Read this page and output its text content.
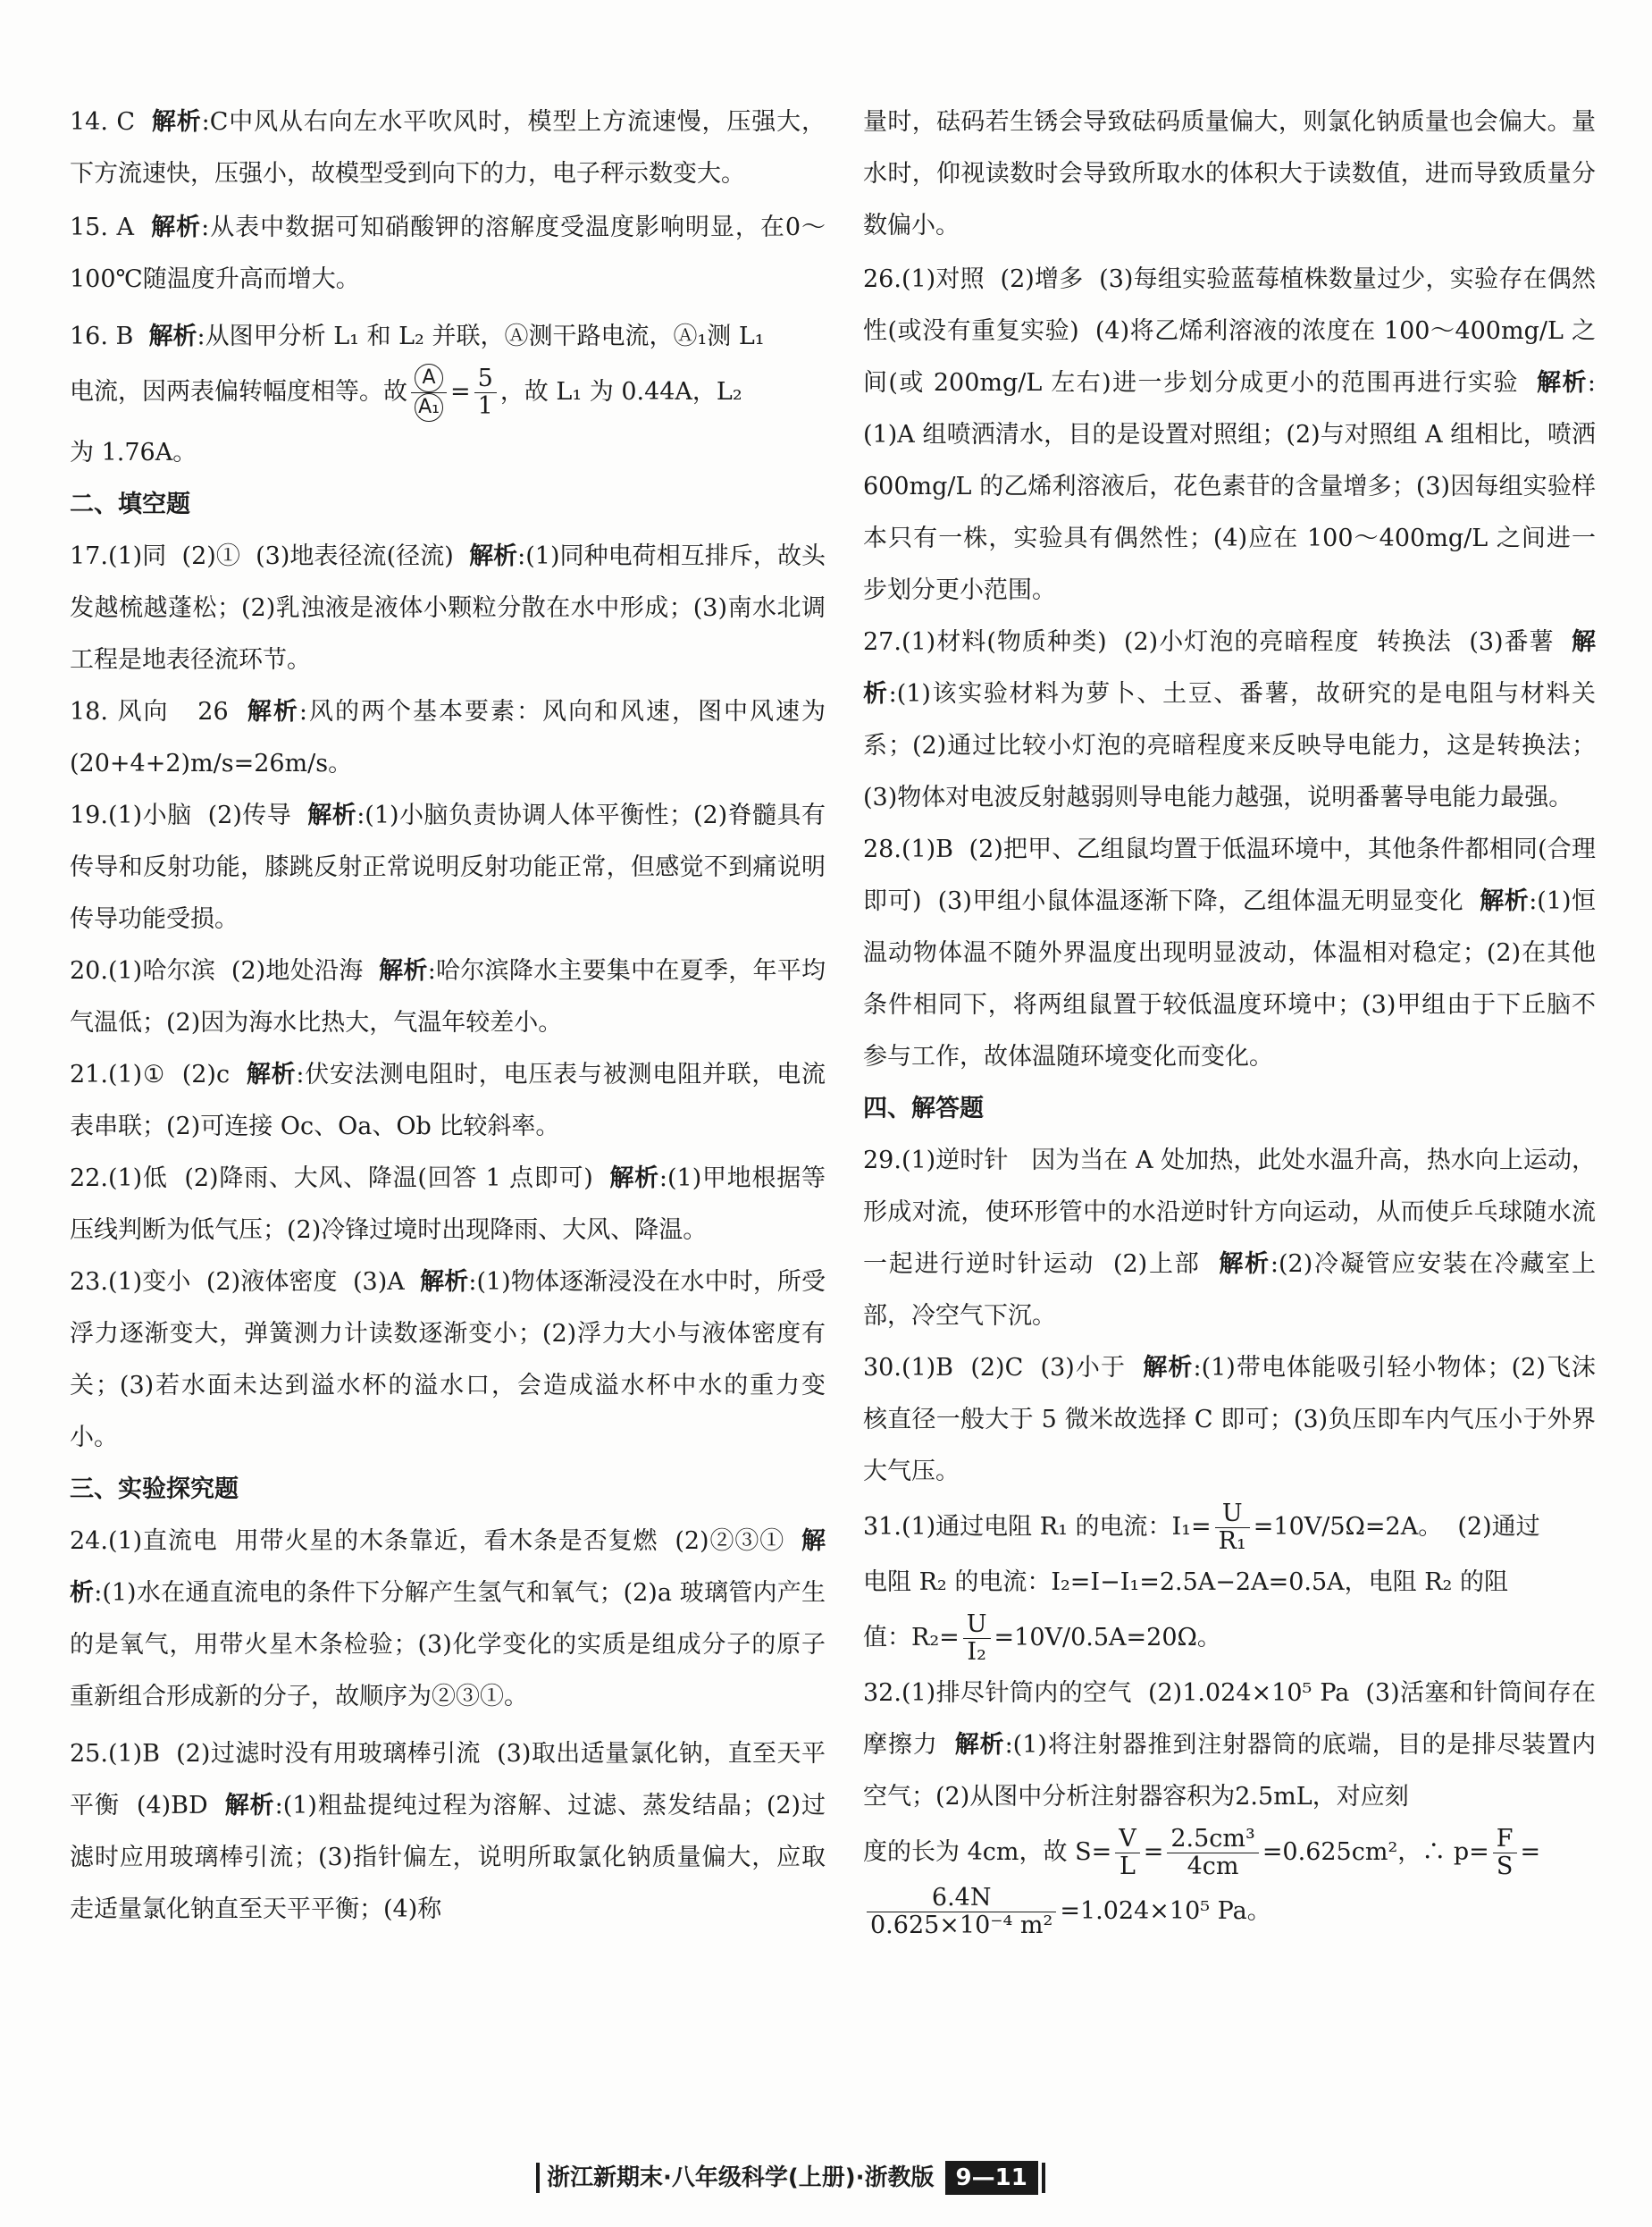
14. C  解析:C中风从右向左水平吹风时，模型上方流速慢，压强大，下方流速快，压强小，故模型受到向下的力，电子秤示数变大。
15. A  解析:从表中数据可知硝酸钾的溶解度受温度影响明显，在0～100℃随温度升高而增大。
16. B  解析:从图甲分析 L₁ 和 L₂ 并联，Ⓐ测干路电流，Ⓐ₁测 L₁
电流，因两表偏转幅度相等。故 $\frac{A}{\text{A₁}} = \frac{5}{1}$ ，故 L₁ 为 0.44A，L₂
为 1.76A。
二、填空题
17.(1)同  (2)①  (3)地表径流(径流)  解析:(1)同种电荷相互排斥，故头发越梳越蓬松；(2)乳浊液是液体小颗粒分散在水中形成；(3)南水北调工程是地表径流环节。
18. 风向   26  解析:风的两个基本要素：风向和风速，图中风速为(20+4+2)m/s=26m/s。
19.(1)小脑  (2)传导  解析:(1)小脑负责协调人体平衡性；(2)脊髓具有传导和反射功能，膝跳反射正常说明反射功能正常，但感觉不到痛说明传导功能受损。
20.(1)哈尔滨  (2)地处沿海  解析:哈尔滨降水主要集中在夏季，年平均气温低；(2)因为海水比热大，气温年较差小。
21.(1)①  (2)c  解析:伏安法测电阻时，电压表与被测电阻并联，电流表串联；(2)可连接 Oc、Oa、Ob 比较斜率。
22.(1)低  (2)降雨、大风、降温(回答 1 点即可)  解析:(1)甲地根据等压线判断为低气压；(2)冷锋过境时出现降雨、大风、降温。
23.(1)变小  (2)液体密度  (3)A  解析:(1)物体逐渐浸没在水中时，所受浮力逐渐变大，弹簧测力计读数逐渐变小；(2)浮力大小与液体密度有关；(3)若水面未达到溢水杯的溢水口，会造成溢水杯中水的重力变小。
三、实验探究题
24.(1)直流电  用带火星的木条靠近，看木条是否复燃  (2)②③①  解析:(1)水在通直流电的条件下分解产生氢气和氧气；(2)a 玻璃管内产生的是氧气，用带火星木条检验；(3)化学变化的实质是组成分子的原子重新组合形成新的分子，故顺序为②③①。
25.(1)B  (2)过滤时没有用玻璃棒引流  (3)取出适量氯化钠，直至天平平衡  (4)BD  解析:(1)粗盐提纯过程为溶解、过滤、蒸发结晶；(2)过滤时应用玻璃棒引流；(3)指针偏左，说明所取氯化钠质量偏大，应取走适量氯化钠直至天平平衡；(4)称
量时，砝码若生锈会导致砝码质量偏大，则氯化钠质量也会偏大。量水时，仰视读数时会导致所取水的体积大于读数值，进而导致质量分数偏小。
26.(1)对照  (2)增多  (3)每组实验蓝莓植株数量过少，实验存在偶然性(或没有重复实验)  (4)将乙烯利溶液的浓度在 100～400mg/L 之间(或 200mg/L 左右)进一步划分成更小的范围再进行实验  解析:(1)A 组喷洒清水，目的是设置对照组；(2)与对照组 A 组相比，喷洒 600mg/L 的乙烯利溶液后，花色素苷的含量增多；(3)因每组实验样本只有一株，实验具有偶然性；(4)应在 100～400mg/L 之间进一步划分更小范围。
27.(1)材料(物质种类)  (2)小灯泡的亮暗程度  转换法  (3)番薯  解析:(1)该实验材料为萝卜、土豆、番薯，故研究的是电阻与材料关系；(2)通过比较小灯泡的亮暗程度来反映导电能力，这是转换法；(3)物体对电波反射越弱则导电能力越强，说明番薯导电能力最强。
28.(1)B  (2)把甲、乙组鼠均置于低温环境中，其他条件都相同(合理即可)  (3)甲组小鼠体温逐渐下降，乙组体温无明显变化  解析:(1)恒温动物体温不随外界温度出现明显波动，体温相对稳定；(2)在其他条件相同下，将两组鼠置于较低温度环境中；(3)甲组由于下丘脑不参与工作，故体温随环境变化而变化。
四、解答题
29.(1)逆时针   因为当在 A 处加热，此处水温升高，热水向上运动，形成对流，使环形管中的水沿逆时针方向运动，从而使乒乓球随水流一起进行逆时针运动  (2)上部  解析:(2)冷凝管应安装在冷藏室上部，冷空气下沉。
30.(1)B  (2)C  (3)小于  解析:(1)带电体能吸引轻小物体；(2)飞沫核直径一般大于 5 微米故选择 C 即可；(3)负压即车内气压小于外界大气压。
31.(1)通过电阻 R₁ 的电流：$I_1= \frac{U}{\text{R₁}} =10V/5\Omega=2A$。  (2)通过
电阻 R₂ 的电流：I₂=I−I₁=2.5A−2A=0.5A，电阻 R₂ 的阻
值：$R_2= \frac{U}{\text{I₂}} =10V/0.5A=20\Omega$。
32.(1)排尽针筒内的空气  (2)1.024×10⁵ Pa  (3)活塞和针筒间存在摩擦力  解析:(1)将注射器推到注射器筒的底端，目的是排尽装置内空气；(2)从图中分析注射器容积为2.5mL，对应刻
度的长为 4cm，故 $S= \frac{V}{L} = \frac{\text{2.5cm³}}{4cm} =0.625cm^2$，∴ $p= \frac{F}{S}$ =
$\frac{6.4N}{\text{0.625×10⁻⁴ m²}} =1.024\times 10^5$ Pa。
浙江新期末·八年级科学(上册)·浙教版 9—11
